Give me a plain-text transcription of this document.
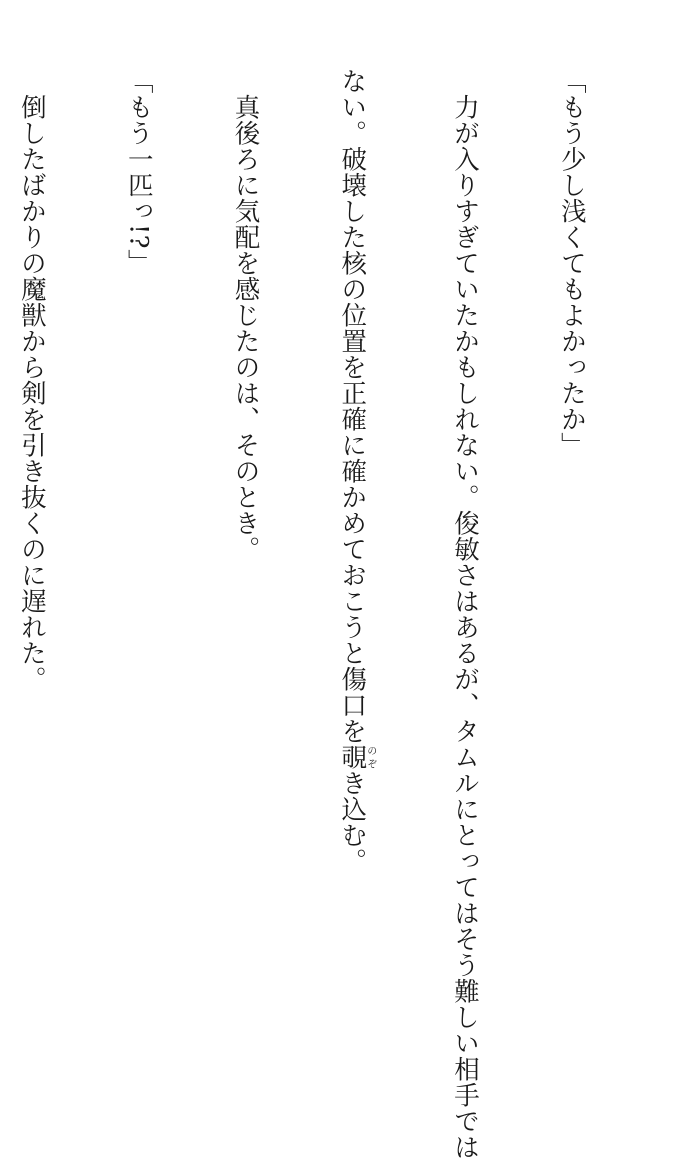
「もう少し浅くてもよかったか」

力が入りすぎていたかもしれない。俊敏さはあるが、タムルにとってはそう難しい相手では

ない。破壊した核の位置を正確に確かめておこうと傷口を覗のぞき込む。

真後ろに気配を感じたのは、そのとき。

「もう一匹っ!?」

倒したばかりの魔獣から剣を引き抜くのに遅れた。
